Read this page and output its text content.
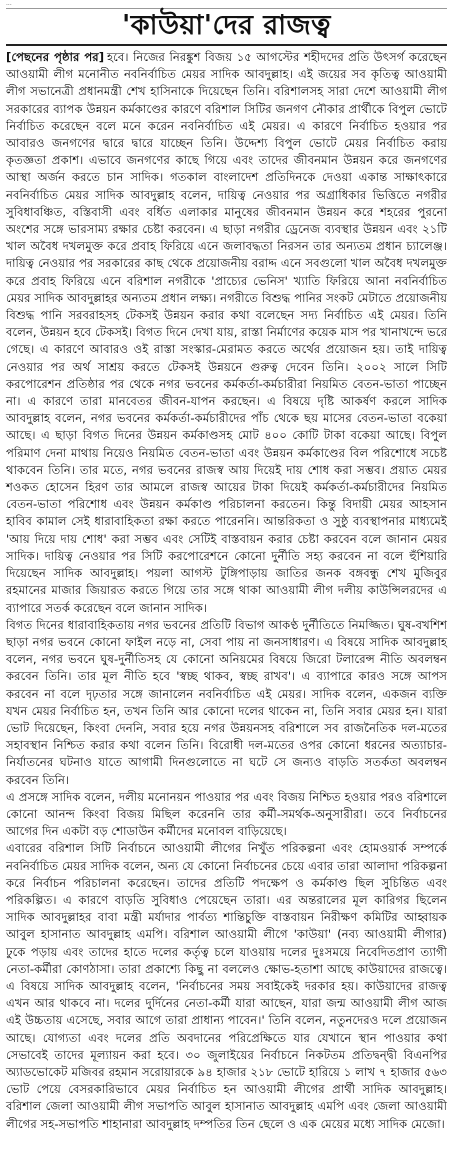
...
'কাউয়া'দের রাজত্ব

[পেছনের পৃষ্ঠার পর] হবে। নিজের নিরঙ্কুশ বিজয় ১৫ আগস্টের শহীদদের প্রতি উৎসর্গ করেছেন আওয়ামী লীগ মনোনীত নবনির্বাচিত মেয়র সাদিক আবদুল্লাহ। এই জয়ের সব কৃতিত্ব আওয়ামী লীগ সভানেত্রী প্রধানমন্ত্রী শেখ হাসিনাকে দিয়েছেন তিনি। বরিশালসহ সারা দেশে আওয়ামী লীগ সরকারের ব্যাপক উন্নয়ন কর্মকাণ্ডের কারণে বরিশাল সিটির জনগণ নৌকার প্রার্থীকে বিপুল ভোটে নির্বাচিত করেছেন বলে মনে করেন নবনির্বাচিত এই মেয়র। এ কারণে নির্বাচিত হওয়ার পর আবারও জনগণের দ্বারে দ্বারে যাচ্ছেন তিনি। উদ্দেশ্য বিপুল ভোটে মেয়র নির্বাচিত করায় কৃতজ্ঞতা প্রকাশ। এভাবে জনগণের কাছে গিয়ে এবং তাদের জীবনমান উন্নয়ন করে জনগণের আস্থা অর্জন করতে চান সাদিক। গতকাল বাংলাদেশ প্রতিদিনকে দেওয়া একান্ত সাক্ষাৎকারে নবনির্বাচিত মেয়র সাদিক আবদুল্লাহ বলেন, দায়িত্ব নেওয়ার পর অগ্রাধিকার ভিত্তিতে নগরীর সুবিধাবঞ্চিত, বস্তিবাসী এবং বর্ধিত এলাকার মানুষের জীবনমান উন্নয়ন করে শহরের পুরনো অংশের সঙ্গে ভারসাম্য রক্ষার চেষ্টা করবেন। এ ছাড়া নগরীর ড্রেনেজ ব্যবস্থার উন্নয়ন এবং ২১টি খাল অবৈধ দখলমুক্ত করে প্রবাহ ফিরিয়ে এনে জলাবদ্ধতা নিরসন তার অন্যতম প্রধান চ্যালেঞ্জ। দায়িত্ব নেওয়ার পর সরকারের কাছ থেকে প্রয়োজনীয় বরাদ্দ এনে সবগুলো খাল অবৈধ দখলমুক্ত করে প্রবাহ ফিরিয়ে এনে বরিশাল নগরীকে 'প্রাচ্যের ভেনিস' খ্যাতি ফিরিয়ে আনা নবনির্বাচিত মেয়র সাদিক আবদুল্লাহর অন্যতম প্রধান লক্ষ্য। নগরীতে বিশুদ্ধ পানির সংকট মেটাতে প্রয়োজনীয় বিশুদ্ধ পানি সরবরাহসহ টেকসই উন্নয়ন করার কথা বলেছেন সদ্য নির্বাচিত এই মেয়র। তিনি বলেন, উন্নয়ন হবে টেকসই। বিগত দিনে দেখা যায়, রাস্তা নির্মাণের কয়েক মাস পর খানাখন্দে ভরে গেছে। এ কারণে আবারও ওই রাস্তা সংস্কার-মেরামত করতে অর্থের প্রয়োজন হয়। তাই দায়িত্ব নেওয়ার পর অর্থ সাশ্রয় করতে টেকসই উন্নয়নে গুরুত্ব দেবেন তিনি। ২০০২ সালে সিটি করপোরেশন প্রতিষ্ঠার পর থেকে নগর ভবনের কর্মকর্তা-কর্মচারীরা নিয়মিত বেতন-ভাতা পাচ্ছেন না। এ কারণে তারা মানবেতর জীবন-যাপন করছেন। এ বিষয়ে দৃষ্টি আকর্ষণ করলে সাদিক আবদুল্লাহ বলেন, নগর ভবনের কর্মকর্তা-কর্মচারীদের পাঁচ থেকে ছয় মাসের বেতন-ভাতা বকেয়া আছে। এ ছাড়া বিগত দিনের উন্নয়ন কর্মকাণ্ডসহ মোট ৪০০ কোটি টাকা বকেয়া আছে। বিপুল পরিমাণ দেনা মাথায় নিয়েও নিয়মিত বেতন-ভাতা এবং উন্নয়ন কর্মকাণ্ডের বিল পরিশোধে সচেষ্ট থাকবেন তিনি। তার মতে, নগর ভবনের রাজস্ব আয় দিয়েই দায় শোধ করা সম্ভব। প্রয়াত মেয়র শওকত হোসেন হিরণ তার আমলে রাজস্ব আয়ের টাকা দিয়েই কর্মকর্তা-কর্মচারীদের নিয়মিত বেতন-ভাতা পরিশোধ এবং উন্নয়ন কর্মকাণ্ড পরিচালনা করতেন। কিন্তু বিদায়ী মেয়র আহসান হাবিব কামাল সেই ধারাবাহিকতা রক্ষা করতে পারেননি। আন্তরিকতা ও সুষ্ঠু ব্যবস্থাপনার মাধ্যমেই 'আয় দিয়ে দায় শোধ' করা সম্ভব এবং সেটিই বাস্তবায়ন করার চেষ্টা করবেন বলে জানান মেয়র সাদিক। দায়িত্ব নেওয়ার পর সিটি করপোরেশনে কোনো দুর্নীতি সহ্য করবেন না বলে হুঁশিয়ারি দিয়েছেন সাদিক আবদুল্লাহ। পয়লা আগস্ট টুঙ্গিপাড়ায় জাতির জনক বঙ্গবন্ধু শেখ মুজিবুর রহমানের মাজার জিয়ারত করতে গিয়ে তার সঙ্গে থাকা আওয়ামী লীগ দলীয় কাউন্সিলরদের এ ব্যাপারে সতর্ক করেছেন বলে জানান সাদিক।

বিগত দিনের ধারাবাহিকতায় নগর ভবনের প্রতিটি বিভাগ আকণ্ঠ দুর্নীতিতে নিমজ্জিত। ঘুষ-বখশিশ ছাড়া নগর ভবনে কোনো ফাইল নড়ে না, সেবা পায় না জনসাধারণ। এ বিষয়ে সাদিক আবদুল্লাহ বলেন, নগর ভবনে ঘুষ-দুর্নীতিসহ যে কোনো অনিয়মের বিষয়ে জিরো টলারেন্স নীতি অবলম্বন করবেন তিনি। তার মূল নীতি হবে 'স্বচ্ছ থাকব, স্বচ্ছ রাখব'। এ ব্যাপারে কারও সঙ্গে আপস করবেন না বলে দৃঢ়তার সঙ্গে জানালেন নবনির্বাচিত এই মেয়র। সাদিক বলেন, একজন ব্যক্তি যখন মেয়র নির্বাচিত হন, তখন তিনি আর কোনো দলের থাকেন না, তিনি সবার মেয়র হন। যারা ভোট দিয়েছেন, কিংবা দেননি, সবার হয়ে নগর উন্নয়নসহ বরিশালে সব রাজনৈতিক দল-মতের সহাবস্থান নিশ্চিত করার কথা বলেন তিনি। বিরোধী দল-মতের ওপর কোনো ধরনের অত্যাচার-নির্যাতনের ঘটনাও যাতে আগামী দিনগুলোতে না ঘটে সে জন্যও বাড়তি সতর্কতা অবলম্বন করবেন তিনি।

এ প্রসঙ্গে সাদিক বলেন, দলীয় মনোনয়ন পাওয়ার পর এবং বিজয় নিশ্চিত হওয়ার পরও বরিশালে কোনো আনন্দ কিংবা বিজয় মিছিল করেননি তার কর্মী-সমর্থক-অনুসারীরা। তবে নির্বাচনের আগের দিন একটা বড় শোডাউন কর্মীদের মনোবল বাড়িয়েছে।

এবারের বরিশাল সিটি নির্বাচনে আওয়ামী লীগের নিখুঁত পরিকল্পনা এবং হোমওয়ার্ক সম্পর্কে নবনির্বাচিত মেয়র সাদিক বলেন, অন্য যে কোনো নির্বাচনের চেয়ে এবার তারা আলাদা পরিকল্পনা করে নির্বাচন পরিচালনা করেছেন। তাদের প্রতিটি পদক্ষেপ ও কর্মকাণ্ড ছিল সুচিন্তিত এবং পরিকল্পিত। এ কারণে বাড়তি সুবিধাও পেয়েছেন তারা। এর অন্তরালের মূল কারিগর ছিলেন সাদিক আবদুল্লাহর বাবা মন্ত্রী মর্যাদার পার্বত্য শান্তিচুক্তি বাস্তবায়ন নিরীক্ষণ কমিটির আহ্বায়ক আবুল হাসানাত আবদুল্লাহ এমপি। বরিশাল আওয়ামী লীগে 'কাউয়া' (নব্য আওয়ামী লীগার) ঢুকে পড়ায় এবং তাদের হাতে দলের কর্তৃত্ব চলে যাওয়ায় দলের দুঃসময়ে নিবেদিতপ্রাণ ত্যাগী নেতা-কর্মীরা কোণঠাসা। তারা প্রকাশ্যে কিছু না বললেও ক্ষোভ-হতাশা আছে কাউয়াদের রাজত্বে। এ বিষয়ে সাদিক আবদুল্লাহ বলেন, 'নির্বাচনের সময় সবাইকেই দরকার হয়। কাউয়াদের রাজত্ব এখন আর থাকবে না। দলের দুর্দিনের নেতা-কর্মী যারা আছেন, যারা জন্ম আওয়ামী লীগ আজ এই উচ্চতায় এসেছে, সবার আগে তারা প্রাধান্য পাবেন।' তিনি বলেন, নতুনদেরও দলে প্রয়োজন আছে। যোগ্যতা এবং দলের প্রতি অবদানের পরিপ্রেক্ষিতে যার যেখানে স্থান পাওয়ার কথা সেভাবেই তাদের মূল্যায়ন করা হবে। ৩০ জুলাইয়ের নির্বাচনে নিকটতম প্রতিদ্বন্দ্বী বিএনপির অ্যাডভোকেট মজিবর রহমান সরোয়ারকে ৯৪ হাজার ২১৮ ভোটে হারিয়ে ১ লাখ ৭ হাজার ৫৬৩ ভোট পেয়ে বেসরকারিভাবে মেয়র নির্বাচিত হন আওয়ামী লীগের প্রার্থী সাদিক আবদুল্লাহ। বরিশাল জেলা আওয়ামী লীগ সভাপতি আবুল হাসানাত আবদুল্লাহ এমপি এবং জেলা আওয়ামী লীগের সহ-সভাপতি শাহানারা আবদুল্লাহ দম্পতির তিন ছেলে ও এক মেয়ের মধ্যে সাদিক মেজো।
